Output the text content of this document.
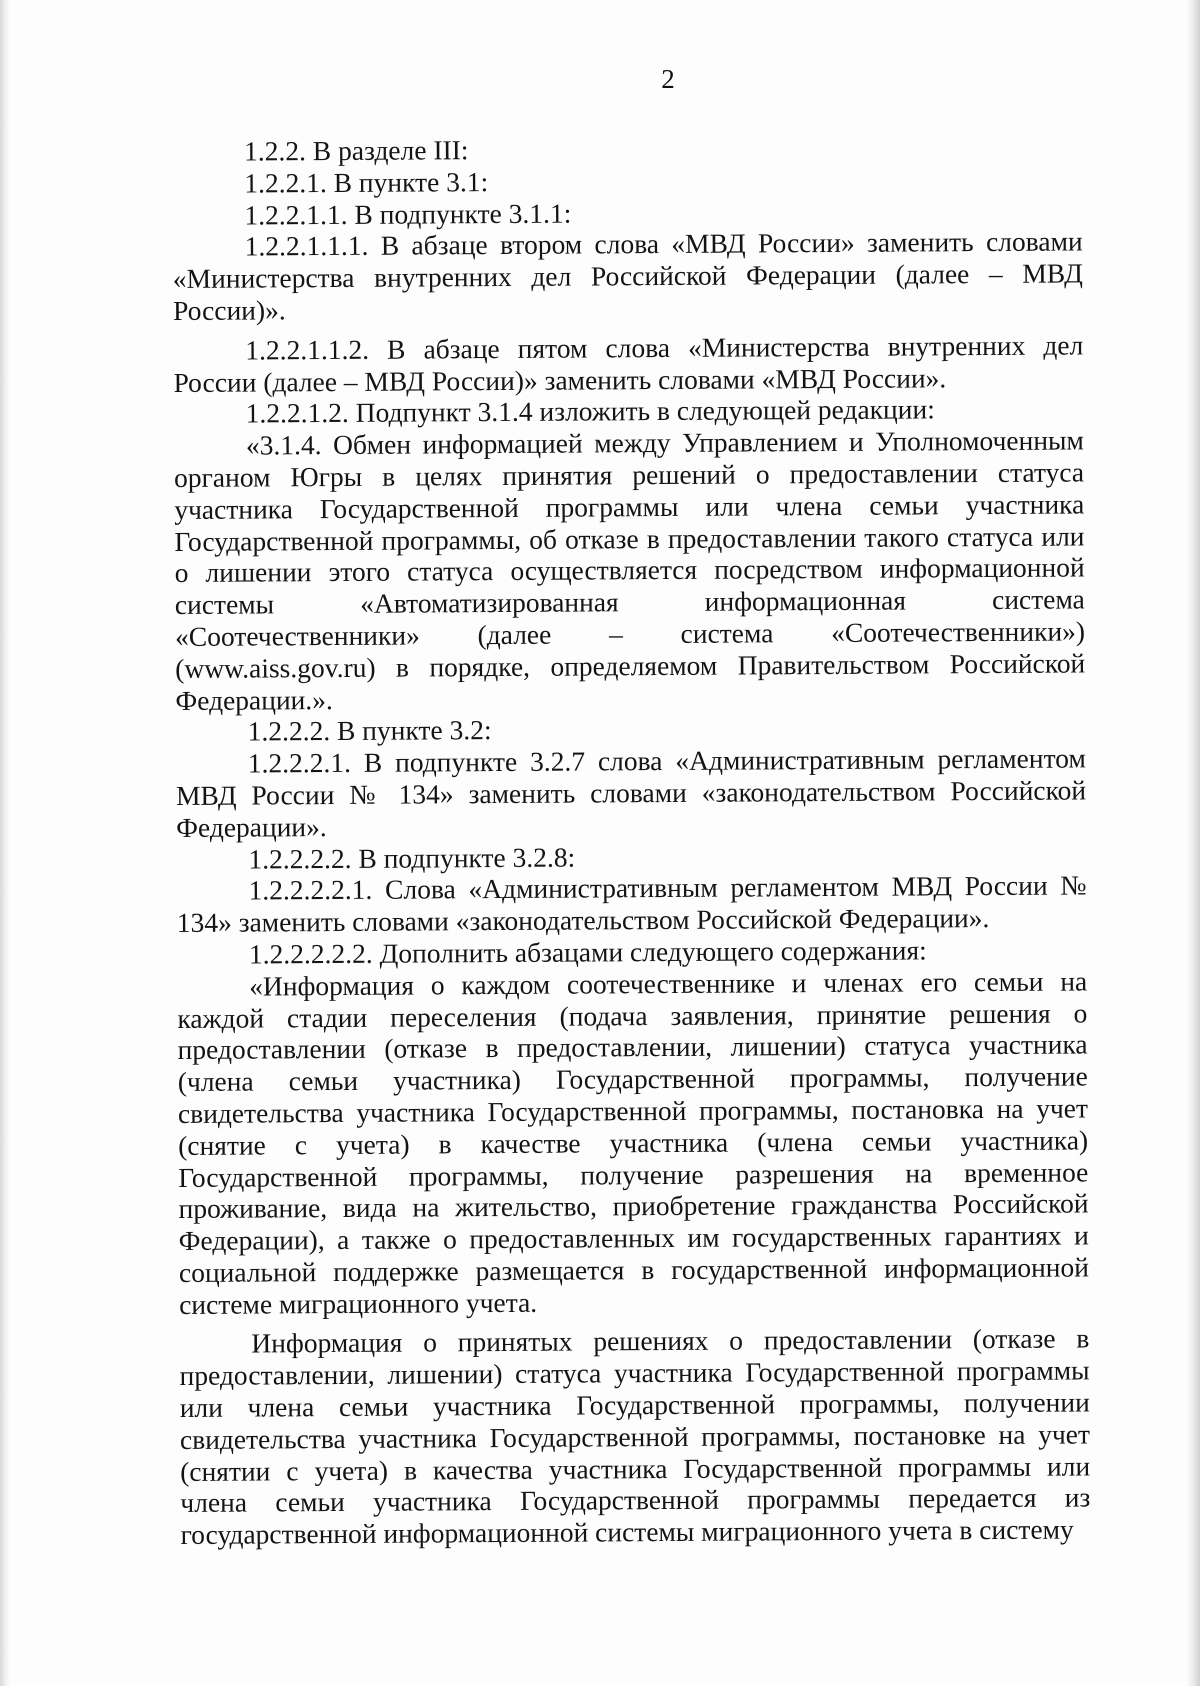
2

1.2.2. В разделе III:

1.2.2.1. В пункте 3.1:

1.2.2.1.1. В подпункте 3.1.1:

1.2.2.1.1.1. В абзаце втором слова «МВД России» заменить словами «Министерства внутренних дел Российской Федерации (далее – МВД России)».

1.2.2.1.1.2. В абзаце пятом слова «Министерства внутренних дел России (далее – МВД России)» заменить словами «МВД России».

1.2.2.1.2. Подпункт 3.1.4 изложить в следующей редакции:

«3.1.4. Обмен информацией между Управлением и Уполномоченным органом Югры в целях принятия решений о предоставлении статуса участника Государственной программы или члена семьи участника Государственной программы, об отказе в предоставлении такого статуса или о лишении этого статуса осуществляется посредством информационной системы «Автоматизированная информационная система «Соотечественники» (далее – система «Соотечественники») (www.aiss.gov.ru) в порядке, определяемом Правительством Российской Федерации.».

1.2.2.2. В пункте 3.2:

1.2.2.2.1. В подпункте 3.2.7 слова «Административным регламентом МВД России № 134» заменить словами «законодательством Российской Федерации».

1.2.2.2.2. В подпункте 3.2.8:

1.2.2.2.2.1. Слова «Административным регламентом МВД России № 134» заменить словами «законодательством Российской Федерации».

1.2.2.2.2.2. Дополнить абзацами следующего содержания:

«Информация о каждом соотечественнике и членах его семьи на каждой стадии переселения (подача заявления, принятие решения о предоставлении (отказе в предоставлении, лишении) статуса участника (члена семьи участника) Государственной программы, получение свидетельства участника Государственной программы, постановка на учет (снятие с учета) в качестве участника (члена семьи участника) Государственной программы, получение разрешения на временное проживание, вида на жительство, приобретение гражданства Российской Федерации), а также о предоставленных им государственных гарантиях и социальной поддержке размещается в государственной информационной системе миграционного учета.

Информация о принятых решениях о предоставлении (отказе в предоставлении, лишении) статуса участника Государственной программы или члена семьи участника Государственной программы, получении свидетельства участника Государственной программы, постановке на учет (снятии с учета) в качества участника Государственной программы или члена семьи участника Государственной программы передается из государственной информационной системы миграционного учета в систему
